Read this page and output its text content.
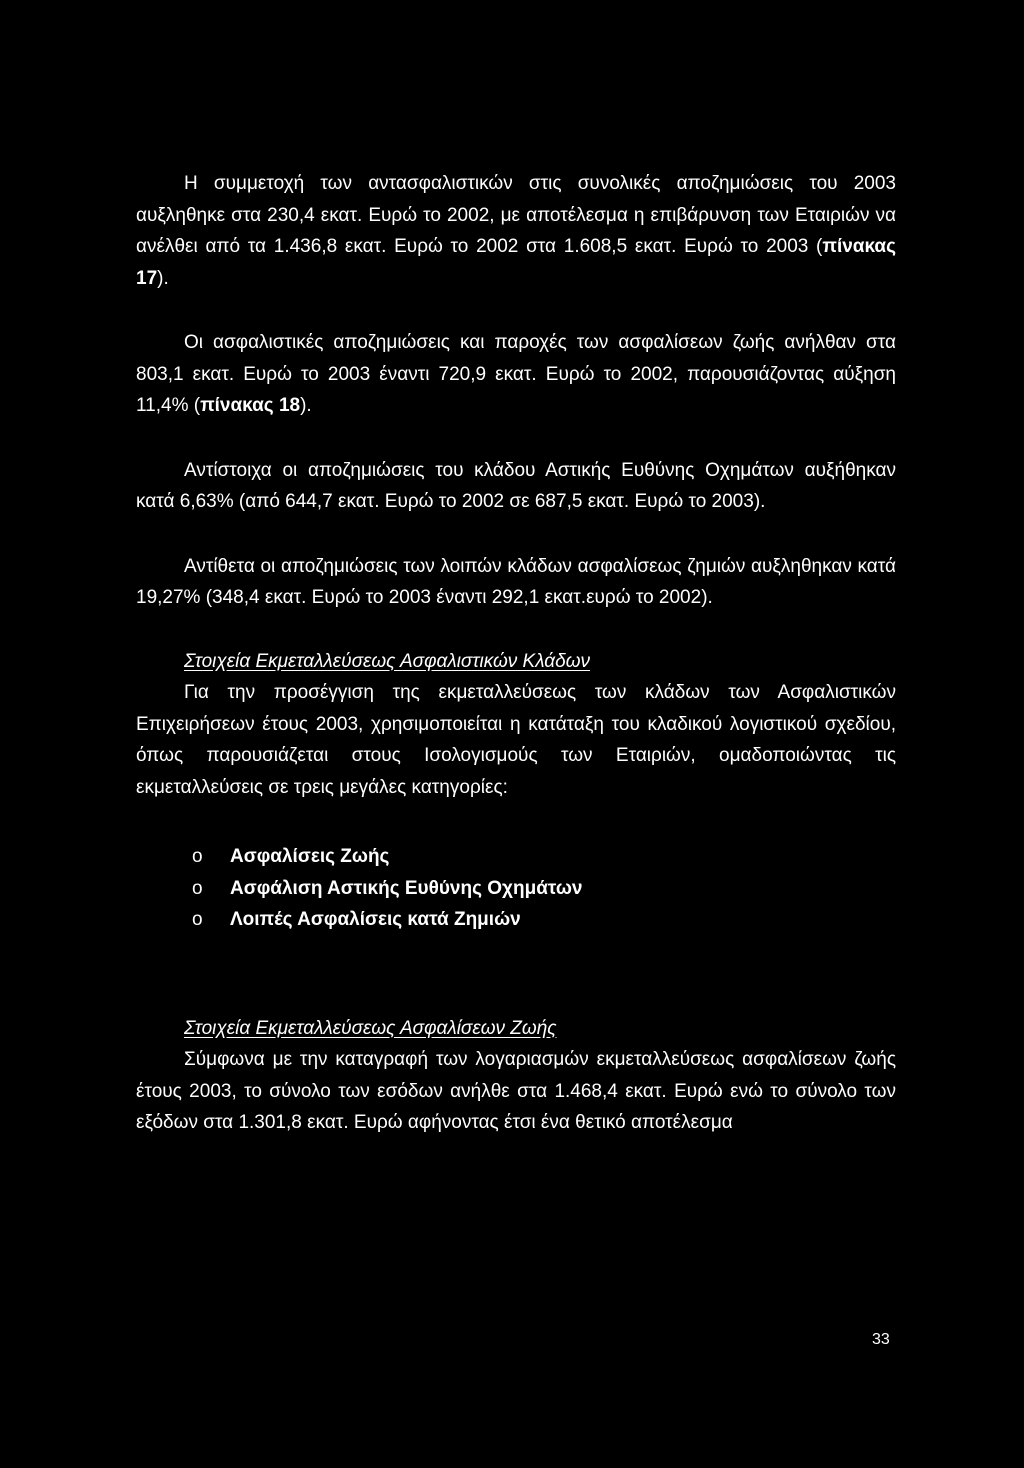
Η συμμετοχή των αντασφαλιστικών στις συνολικές αποζημιώσεις του 2003 αυξληθηκε στα 230,4 εκατ. Ευρώ το 2002, με αποτέλεσμα η επιβάρυνση των Εταιριών να ανέλθει από τα 1.436,8 εκατ. Ευρώ το 2002 στα 1.608,5 εκατ. Ευρώ το 2003 (πίνακας 17).

Οι ασφαλιστικές αποζημιώσεις και παροχές των ασφαλίσεων ζωής ανήλθαν στα 803,1 εκατ. Ευρώ το 2003 έναντι 720,9 εκατ. Ευρώ το 2002, παρουσιάζοντας αύξηση 11,4% (πίνακας 18).

Αντίστοιχα οι αποζημιώσεις του κλάδου Αστικής Ευθύνης Οχημάτων αυξήθηκαν κατά 6,63% (από 644,7 εκατ. Ευρώ το 2002 σε 687,5 εκατ. Ευρώ το 2003).

Αντίθετα οι αποζημιώσεις των λοιπών κλάδων ασφαλίσεως ζημιών αυξληθηκαν κατά 19,27% (348,4 εκατ. Ευρώ το 2003 έναντι 292,1 εκατ.ευρώ το 2002).

Στοιχεία Εκμεταλλεύσεως Ασφαλιστικών Κλάδων

Για την προσέγγιση της εκμεταλλεύσεως των κλάδων των Ασφαλιστικών Επιχειρήσεων έτους 2003, χρησιμοποιείται η κατάταξη του κλαδικού λογιστικού σχεδίου, όπως παρουσιάζεται στους Ισολογισμούς των Εταιριών, ομαδοποιώντας τις εκμεταλλεύσεις σε τρεις μεγάλες κατηγορίες:

o	Ασφαλίσεις Ζωής
o	Ασφάλιση Αστικής Ευθύνης Οχημάτων
o	Λοιπές Ασφαλίσεις κατά Ζημιών

Στοιχεία Εκμεταλλεύσεως Ασφαλίσεων Ζωής

Σύμφωνα με την καταγραφή των λογαριασμών εκμεταλλεύσεως ασφαλίσεων ζωής έτους 2003, το σύνολο των εσόδων ανήλθε στα 1.468,4 εκατ. Ευρώ ενώ το σύνολο των εξόδων στα 1.301,8 εκατ. Ευρώ αφήνοντας έτσι ένα θετικό αποτέλεσμα

33
